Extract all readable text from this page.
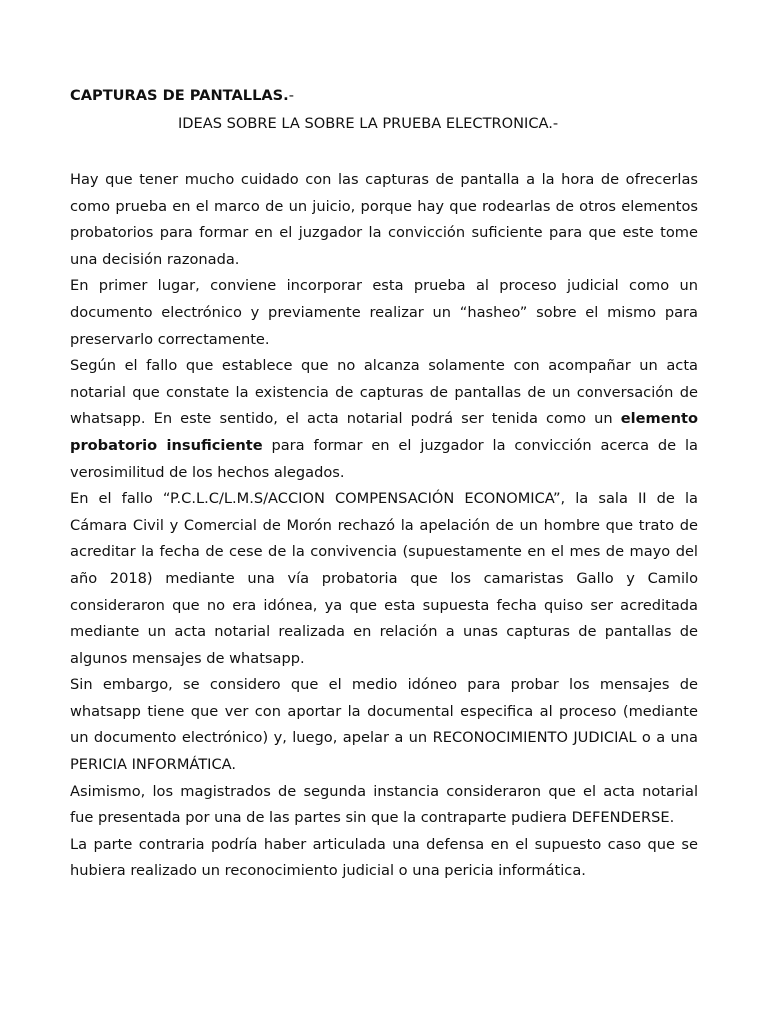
CAPTURAS DE PANTALLAS.-

IDEAS SOBRE LA SOBRE LA PRUEBA ELECTRONICA.-

Hay que tener mucho cuidado con las capturas de pantalla a la hora de ofrecerlas como prueba en el marco de un juicio, porque hay que rodearlas de otros elementos probatorios para formar en el juzgador la convicción suficiente para que este tome una decisión razonada.

En primer lugar, conviene incorporar esta prueba al proceso judicial como un documento electrónico y previamente realizar un “hasheo” sobre el mismo para preservarlo correctamente.

Según el fallo que establece que no alcanza solamente con acompañar un acta notarial que constate la existencia de capturas de pantallas de un conversación de whatsapp. En este sentido, el acta notarial podrá ser tenida como un elemento probatorio insuficiente para formar en el juzgador la convicción acerca de la verosimilitud de los hechos alegados.

En el fallo “P.C.L.C/L.M.S/ACCION COMPENSACIÓN ECONOMICA”, la sala II de la Cámara Civil y Comercial de Morón rechazó la apelación de un hombre que trato de acreditar la fecha de cese de la convivencia (supuestamente en el mes de mayo del año 2018) mediante una vía probatoria que los camaristas Gallo y Camilo consideraron que no era idónea, ya que esta supuesta fecha quiso ser acreditada mediante un acta notarial realizada en relación a unas capturas de pantallas de algunos mensajes de whatsapp.

Sin embargo, se considero que el medio idóneo para probar los mensajes de whatsapp tiene que ver con aportar la documental especifica al proceso (mediante un documento electrónico) y, luego, apelar a un RECONOCIMIENTO JUDICIAL o a una PERICIA INFORMÁTICA.

Asimismo, los magistrados de segunda instancia consideraron que el acta notarial fue presentada por una de las partes sin que la contraparte pudiera DEFENDERSE.

La parte contraria podría haber articulada una defensa en el supuesto caso que se hubiera realizado un reconocimiento judicial o una pericia informática.
